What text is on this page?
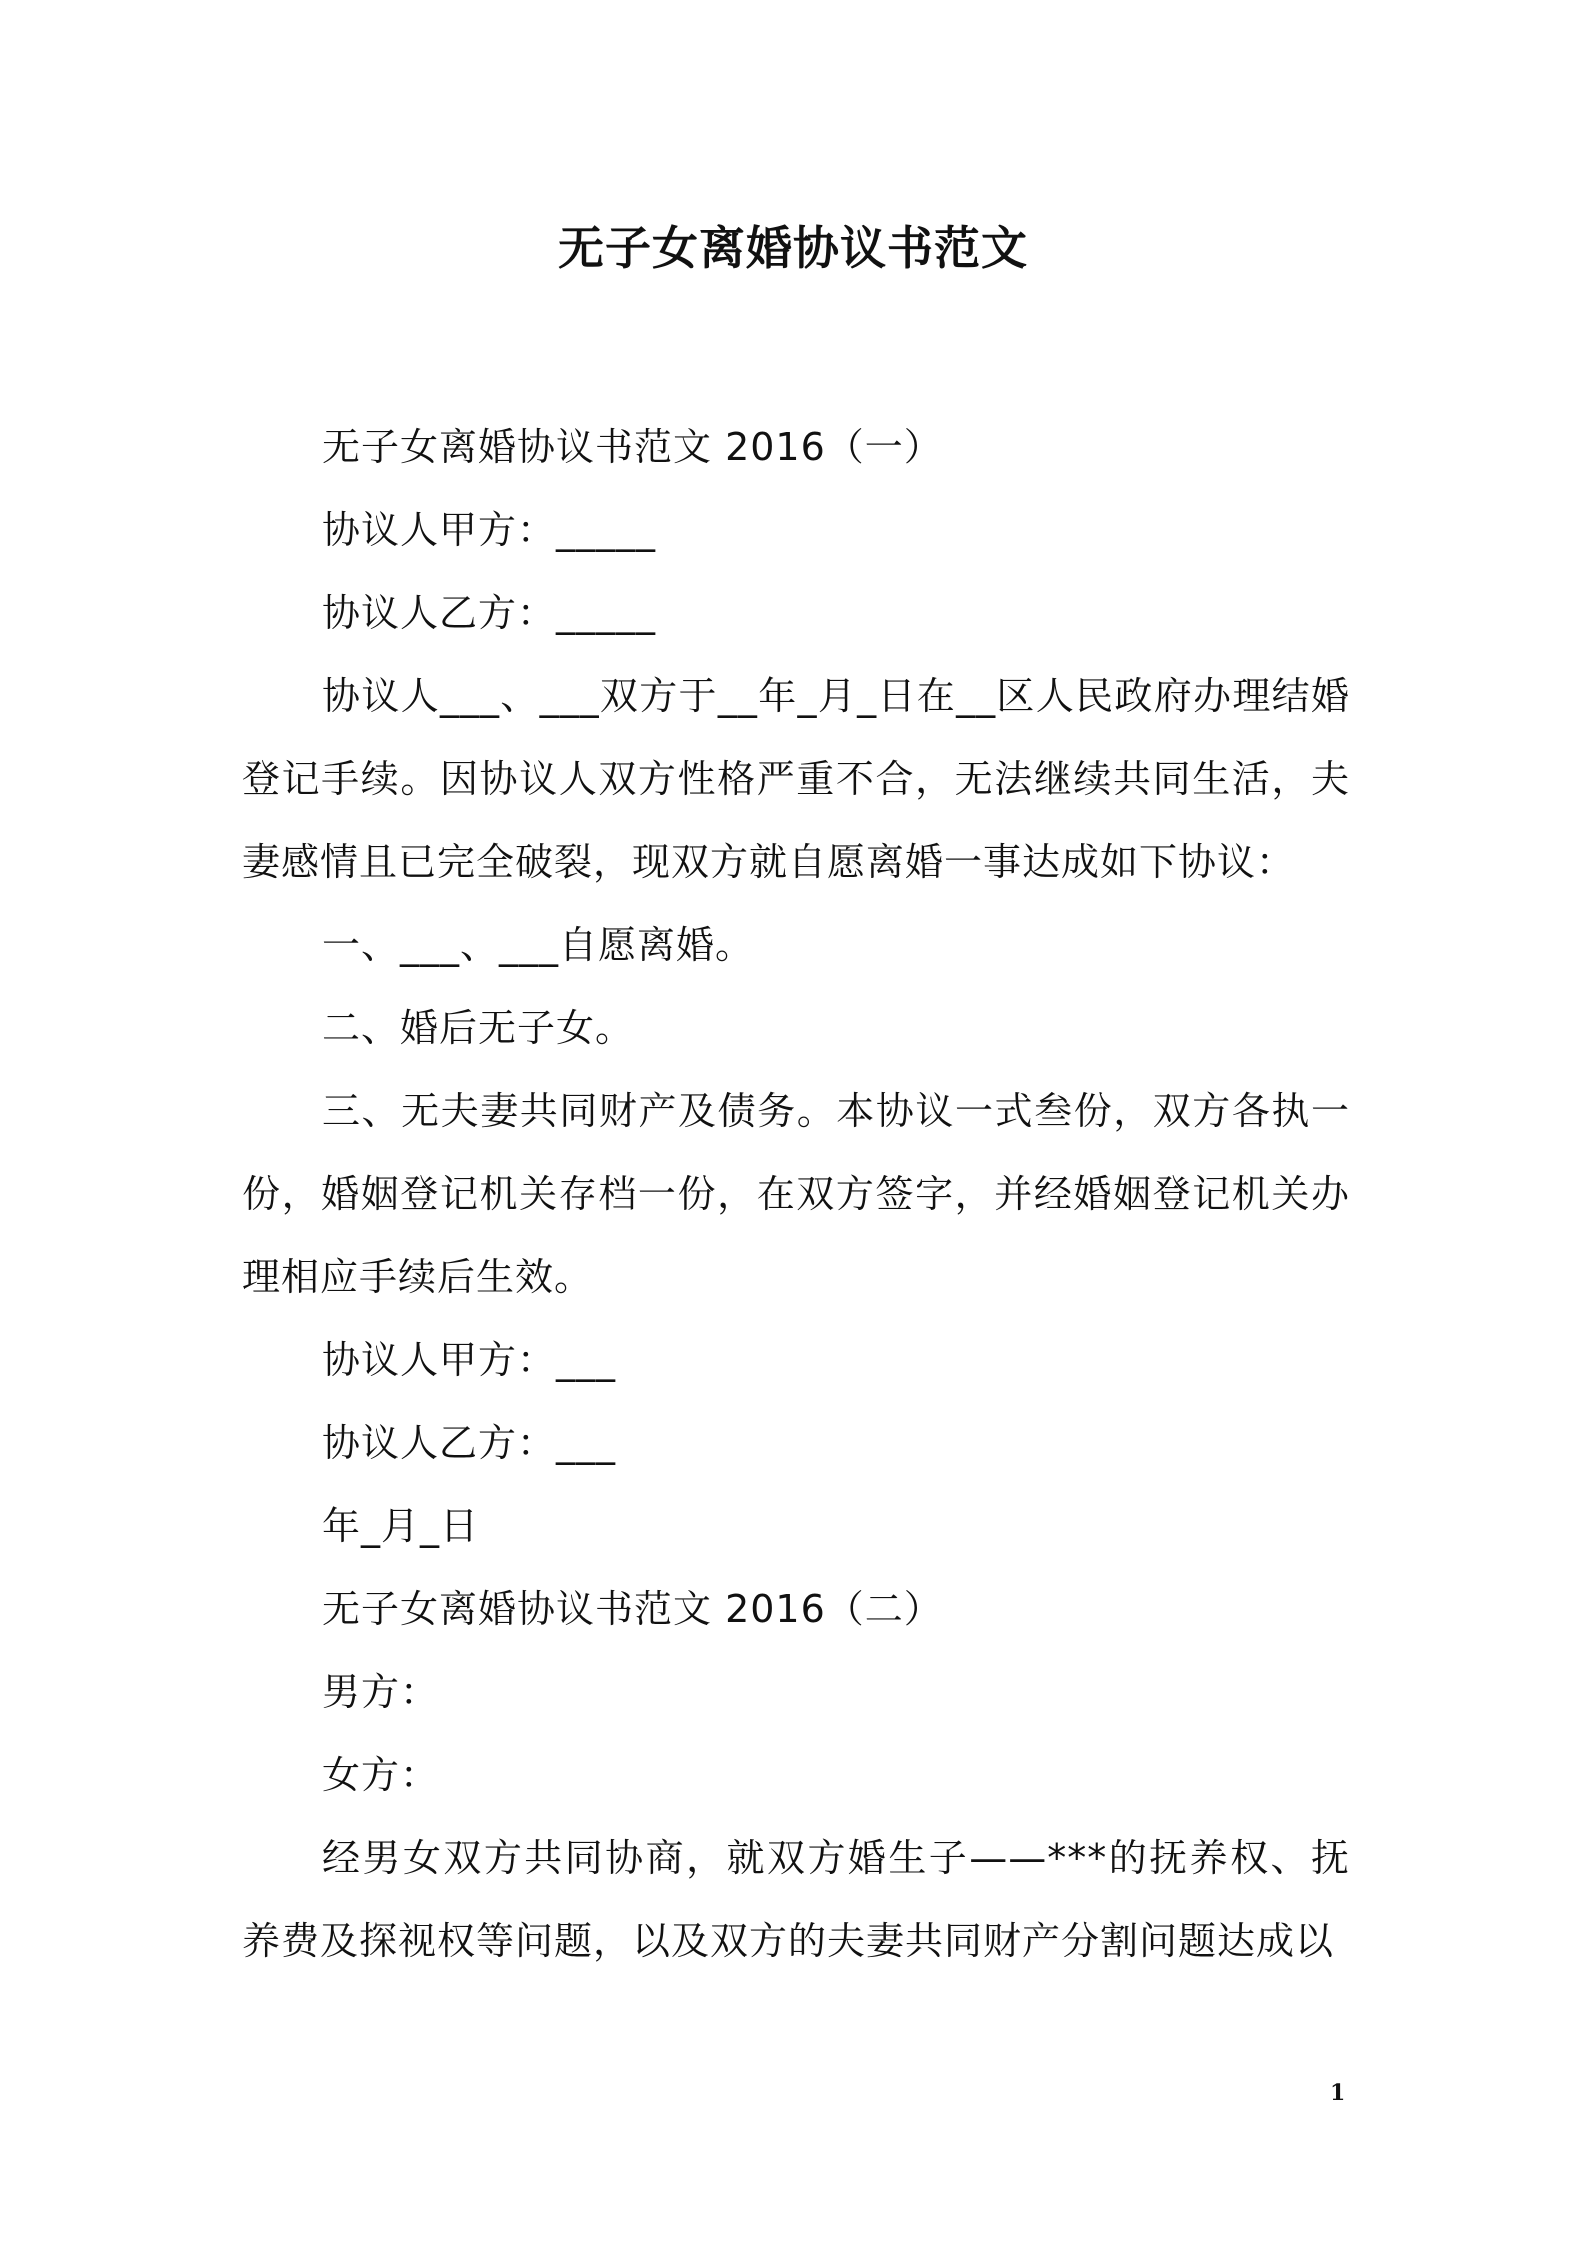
无子女离婚协议书范文

无子女离婚协议书范文 2016（一）

协议人甲方：_____

协议人乙方：_____

协议人___、___双方于__年_月_日在__区人民政府办理结婚登记手续。因协议人双方性格严重不合，无法继续共同生活，夫妻感情且已完全破裂，现双方就自愿离婚一事达成如下协议：

一、___、___自愿离婚。

二、婚后无子女。

三、无夫妻共同财产及债务。本协议一式叁份，双方各执一份，婚姻登记机关存档一份，在双方签字，并经婚姻登记机关办理相应手续后生效。

协议人甲方：___

协议人乙方：___

年_月_日

无子女离婚协议书范文 2016（二）

男方：

女方：

经男女双方共同协商，就双方婚生子——***的抚养权、抚养费及探视权等问题，以及双方的夫妻共同财产分割问题达成以

1
